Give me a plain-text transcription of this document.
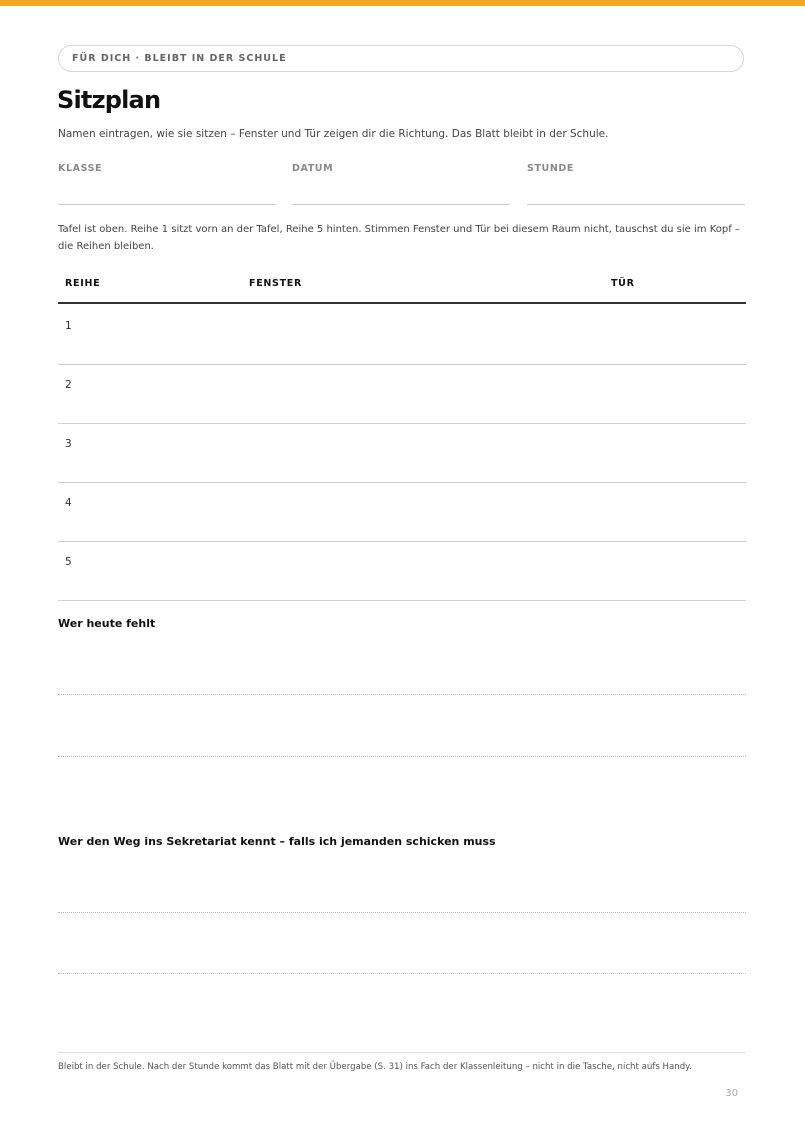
FÜR DICH · BLEIBT IN DER SCHULE
Sitzplan
Namen eintragen, wie sie sitzen – Fenster und Tür zeigen dir die Richtung. Das Blatt bleibt in der Schule.
KLASSE	DATUM	STUNDE
Tafel ist oben. Reihe 1 sitzt vorn an der Tafel, Reihe 5 hinten. Stimmen Fenster und Tür bei diesem Raum nicht, tauschst du sie im Kopf – die Reihen bleiben.
REIHE	FENSTER	TÜR
1
2
3
4
5
Wer heute fehlt
Wer den Weg ins Sekretariat kennt – falls ich jemanden schicken muss
Bleibt in der Schule. Nach der Stunde kommt das Blatt mit der Übergabe (S. 31) ins Fach der Klassenleitung – nicht in die Tasche, nicht aufs Handy.
30
